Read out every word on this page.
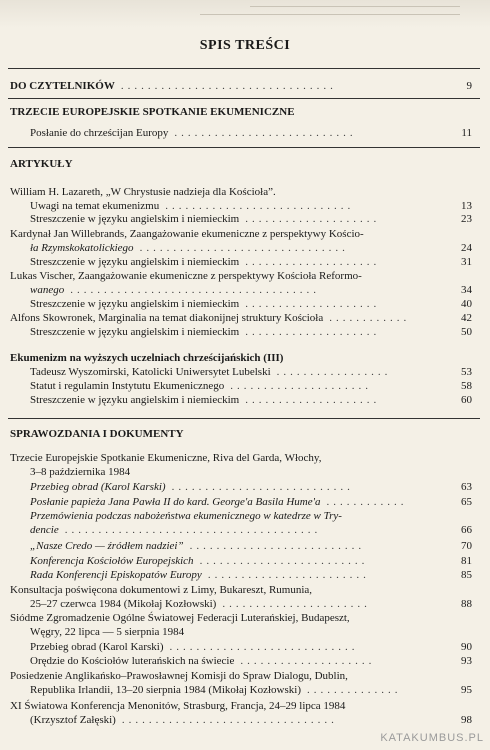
SPIS TREŚCI
DO CZYTELNIKÓW ................................	9
TRZECIE EUROPEJSKIE SPOTKANIE EKUMENICZNE
Posłanie do chrześcijan Europy ...........................	11
ARTYKUŁY
William H. Lazareth, „W Chrystusie nadzieja dla Kościoła”.
Uwagi na temat ekumenizmu ............................	13
Streszczenie w języku angielskim i niemieckim ....................	23
Kardynał Jan Willebrands, Zaangażowanie ekumeniczne z perspektywy Kościo-
ła Rzymskokatolickiego ...............................	24
Streszczenie w języku angielskim i niemieckim ....................	31
Lukas Vischer, Zaangażowanie ekumeniczne z perspektywy Kościoła Reformo-
wanego .....................................	34
Streszczenie w języku angielskim i niemieckim ....................	40
Alfons Skowronek, Marginalia na temat diakonijnej struktury Kościoła ............	42
Streszczenie w języku angielskim i niemieckim ....................	50
Ekumenizm na wyższych uczelniach chrześcijańskich (III)
Tadeusz Wyszomirski, Katolicki Uniwersytet Lubelski .................	53
Statut i regulamin Instytutu Ekumenicznego .....................	58
Streszczenie w języku angielskim i niemieckim ....................	60
SPRAWOZDANIA I DOKUMENTY
Trzecie Europejskie Spotkanie Ekumeniczne, Riva del Garda, Włochy,
3–8 października 1984
Przebieg obrad (Karol Karski) ...........................	63
Posłanie papieża Jana Pawła II do kard. George'a Basila Hume'a ............	65
Przemówienia podczas nabożeństwa ekumenicznego w katedrze w Try-
dencie ......................................	66
„Nasze Credo — źródłem nadziei” ..........................	70
Konferencja Kościołów Europejskich .........................	81
Rada Konferencji Episkopatów Europy ........................	85
Konsultacja poświęcona dokumentowi z Limy, Bukareszt, Rumunia,
25–27 czerwca 1984 (Mikołaj Kozłowski) ......................	88
Siódme Zgromadzenie Ogólne Światowej Federacji Luterańskiej, Budapeszt,
Węgry, 22 lipca — 5 sierpnia 1984
Przebieg obrad (Karol Karski) ............................	90
Orędzie do Kościołów luterańskich na świecie ....................	93
Posiedzenie Anglikańsko–Prawosławnej Komisji do Spraw Dialogu, Dublin,
Republika Irlandii, 13–20 sierpnia 1984 (Mikołaj Kozłowski) ..............	95
XI Światowa Konferencja Menonitów, Strasburg, Francja, 24–29 lipca 1984
(Krzysztof Załęski) ................................	98
KATAKUMBUS.PL
